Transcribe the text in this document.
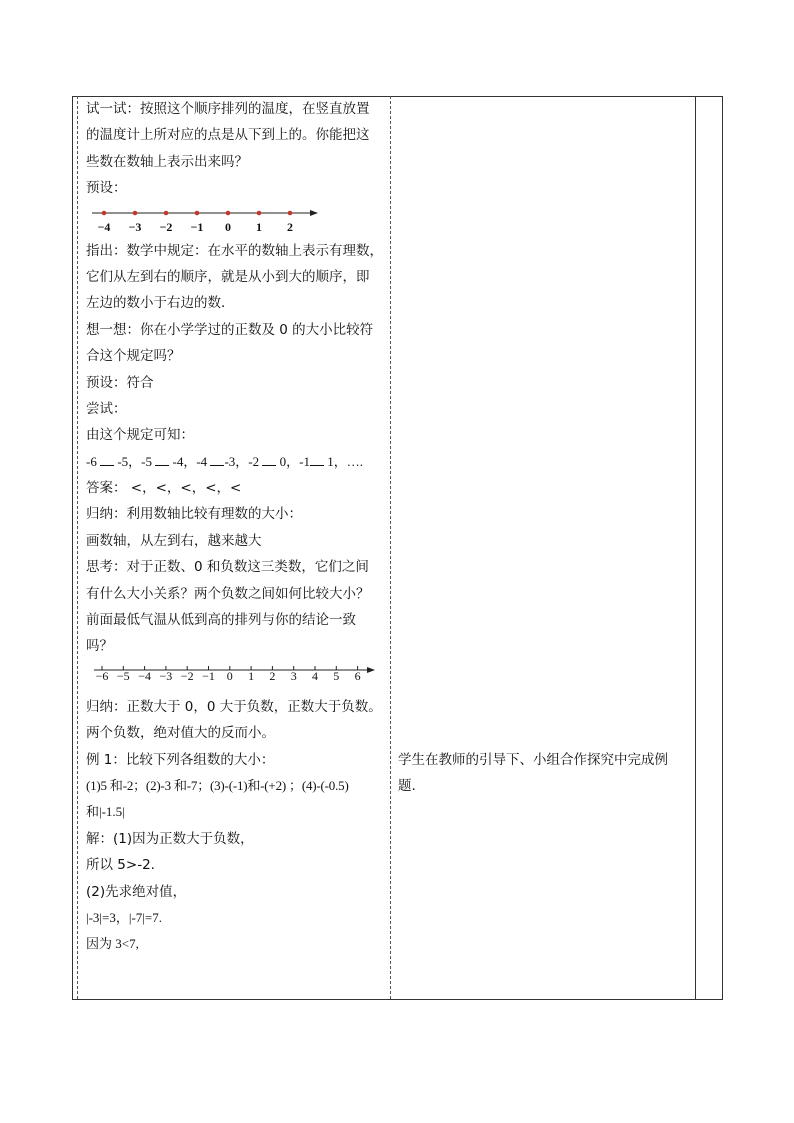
试一试：按照这个顺序排列的温度，在竖直放置
的温度计上所对应的点是从下到上的。你能把这
些数在数轴上表示出来吗？
预设：
−4 −3 −2 −1 0 1 2
指出：数学中规定：在水平的数轴上表示有理数，
它们从左到右的顺序，就是从小到大的顺序，即
左边的数小于右边的数．
想一想：你在小学学过的正数及 0 的大小比较符
合这个规定吗？
预设：符合
尝试：
由这个规定可知：
-6  -5，-5  -4，-4 -3，-2  0，-1 1，….
答案： <，<，<，<，<
归纳：利用数轴比较有理数的大小：
画数轴，从左到右，越来越大
思考：对于正数、0 和负数这三类数，它们之间
有什么大小关系？两个负数之间如何比较大小？
前面最低气温从低到高的排列与你的结论一致
吗？
−6 −5 −4 −3 −2 −1 0 1 2 3 4 5 6
归纳：正数大于 0，0 大于负数，正数大于负数。
两个负数，绝对值大的反而小。
例 1：比较下列各组数的大小：
(1)5 和-2；(2)-3 和-7；(3)-(-1)和-(+2) ；(4)-(-0.5)
和|-1.5|
解：(1)因为正数大于负数，
所以 5>-2.
(2)先求绝对值，
|-3|=3，|-7|=7.
因为 3<7,
学生在教师的引导下、小组合作探究中完成例
题.
